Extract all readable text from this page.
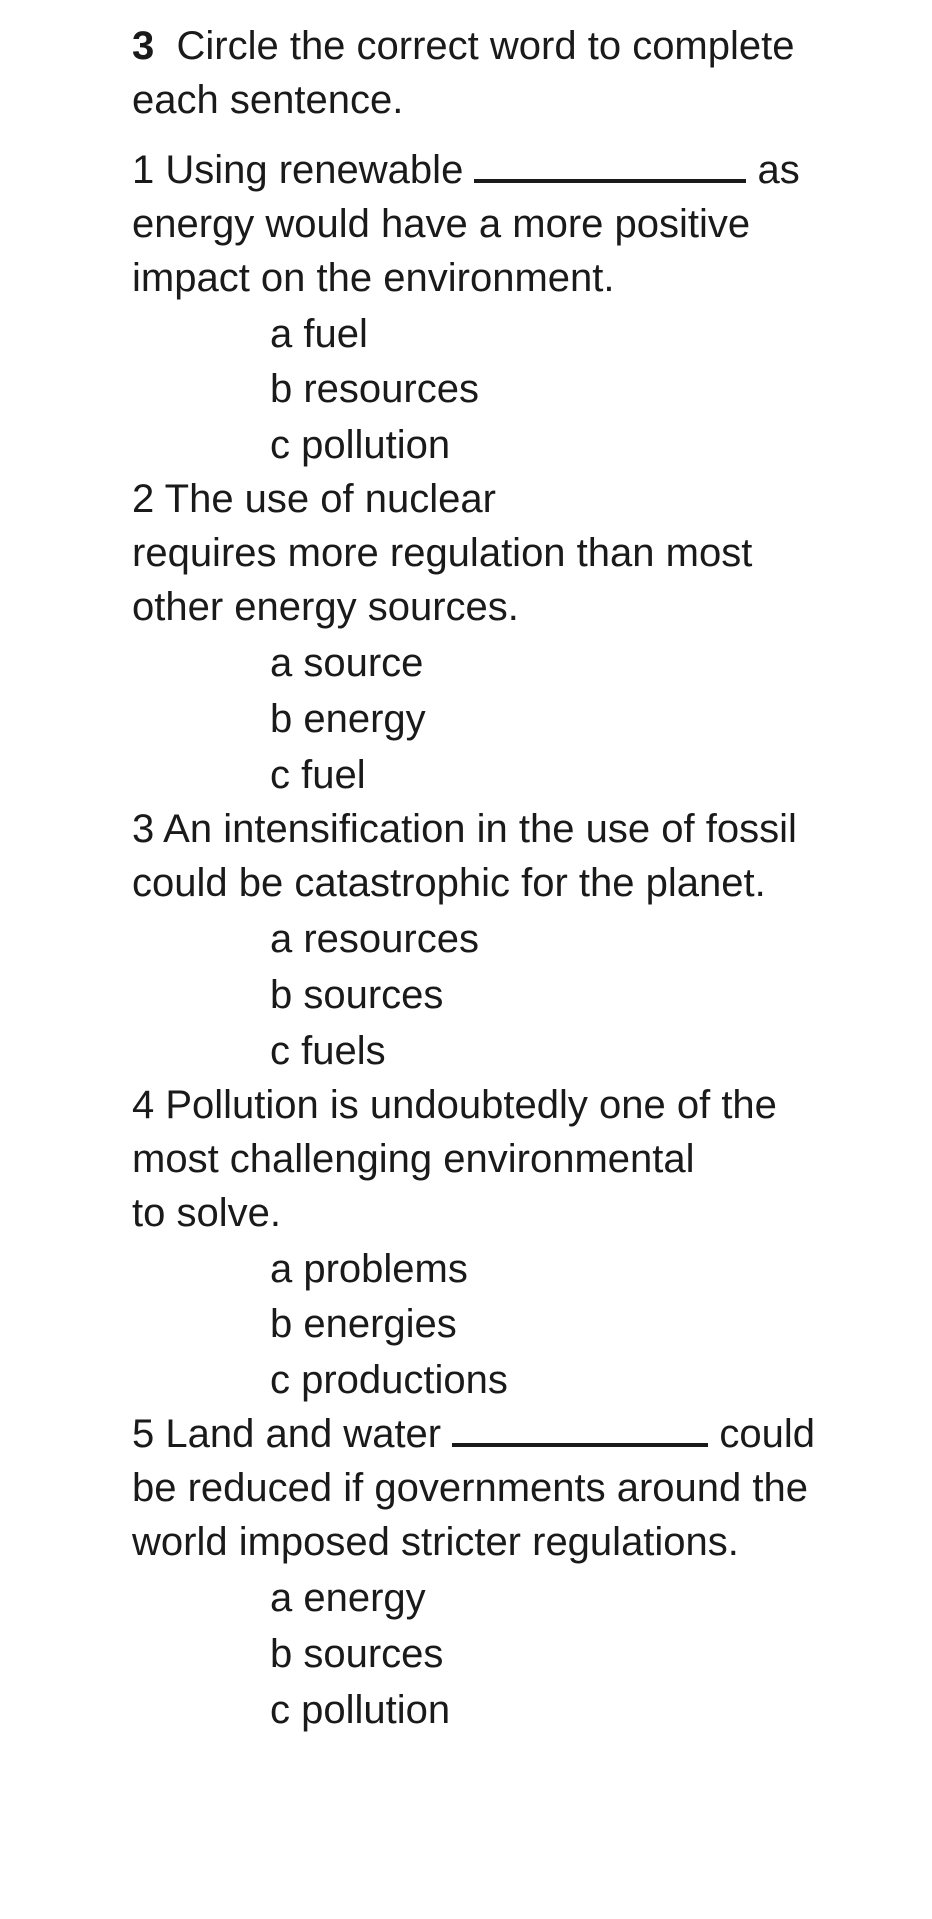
3 Circle the correct word to complete
each sentence.
1 Using renewable	as
energy would have a more positive
impact on the environment.
a fuel
b resources
c pollution
2 The use of nuclear
requires more regulation than most
other energy sources.
a source
b energy
c fuel
3 An intensification in the use of fossil
could be catastrophic for the planet.
a resources
b sources
c fuels
4 Pollution is undoubtedly one of the
most challenging environmental
to solve.
a problems
b energies
c productions
5 Land and water	could
be reduced if governments around the
world imposed stricter regulations.
a energy
b sources
c pollution
